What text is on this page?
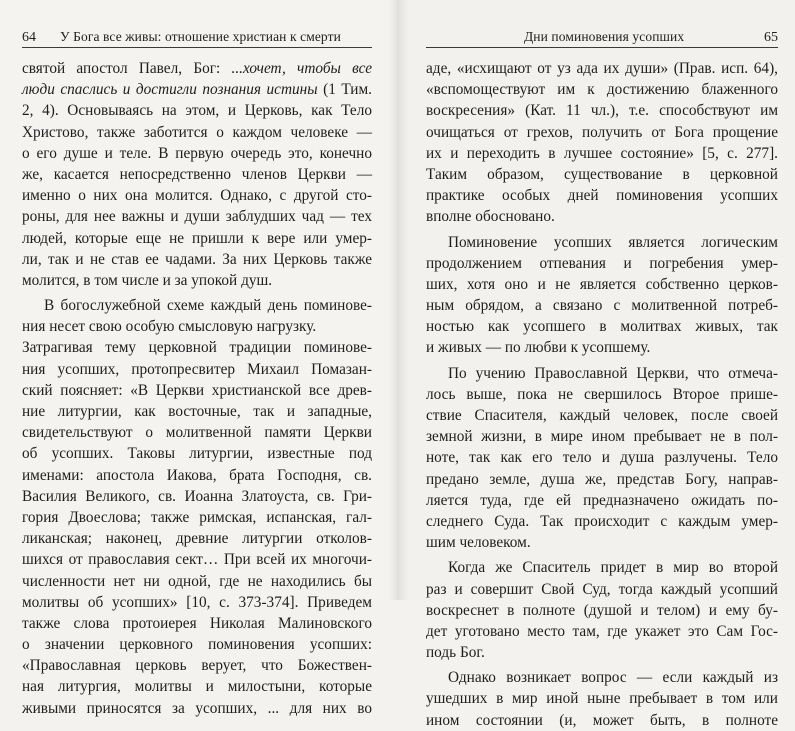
64 У Бога все живы: отношение христиан к смерти
святой апостол Павел, Бог: ...хочет, чтобы все
люди спаслись и достигли познания истины (1 Тим.
2, 4). Основываясь на этом, и Церковь, как Тело
Христово, также заботится о каждом человеке —
о его душе и теле. В первую очередь это, конечно
же, касается непосредственно членов Церкви —
именно о них она молится. Однако, с другой сто-
роны, для нее важны и души заблудших чад — тех
людей, которые еще не пришли к вере или умер-
ли, так и не став ее чадами. За них Церковь также
молится, в том числе и за упокой душ.
В богослужебной схеме каждый день поминове-
ния несет свою особую смысловую нагрузку.
Затрагивая тему церковной традиции поминове-
ния усопших, протопресвитер Михаил Помазан-
ский поясняет: «В Церкви христианской все древ-
ние литургии, как восточные, так и западные,
свидетельствуют о молитвенной памяти Церкви
об усопших. Таковы литургии, известные под
именами: апостола Иакова, брата Господня, св.
Василия Великого, св. Иоанна Златоуста, св. Гри-
гория Двоеслова; также римская, испанская, гал-
ликанская; наконец, древние литургии отколов-
шихся от православия сект… При всей их многочи-
численности нет ни одной, где не находились бы
молитвы об усопших» [10, с. 373-374]. Приведем
также слова протоиерея Николая Малиновского
о значении церковного поминовения усопших:
«Православная церковь верует, что Божествен-
ная литургия, молитвы и милостыни, которые
живыми приносятся за усопших, ... для них во
Дни поминовения усопших	65
аде, «исхищают от уз ада их души» (Прав. исп. 64),
«вспомоществуют им к достижению блаженного
воскресения» (Кат. 11 чл.), т.е. способствуют им
очищаться от грехов, получить от Бога прощение
их и переходить в лучшее состояние» [5, с. 277].
Таким образом, существование в церковной
практике особых дней поминовения усопших
вполне обосновано.
Поминовение усопших является логическим
продолжением отпевания и погребения умер-
ших, хотя оно и не является собственно церков-
ным обрядом, а связано с молитвенной потреб-
ностью как усопшего в молитвах живых, так
и живых — по любви к усопшему.
По учению Православной Церкви, что отмеча-
лось выше, пока не свершилось Второе прише-
ствие Спасителя, каждый человек, после своей
земной жизни, в мире ином пребывает не в пол-
ноте, так как его тело и душа разлучены. Тело
предано земле, душа же, представ Богу, направ-
ляется туда, где ей предназначено ожидать по-
следнего Суда. Так происходит с каждым умер-
шим человеком.
Когда же Спаситель придет в мир во второй
раз и совершит Свой Суд, тогда каждый усопший
воскреснет в полноте (душой и телом) и ему бу-
дет уготовано место там, где укажет это Сам Гос-
подь Бог.
Однако возникает вопрос — если каждый из
ушедших в мир иной ныне пребывает в том или
ином состоянии (и, может быть, в полноте
